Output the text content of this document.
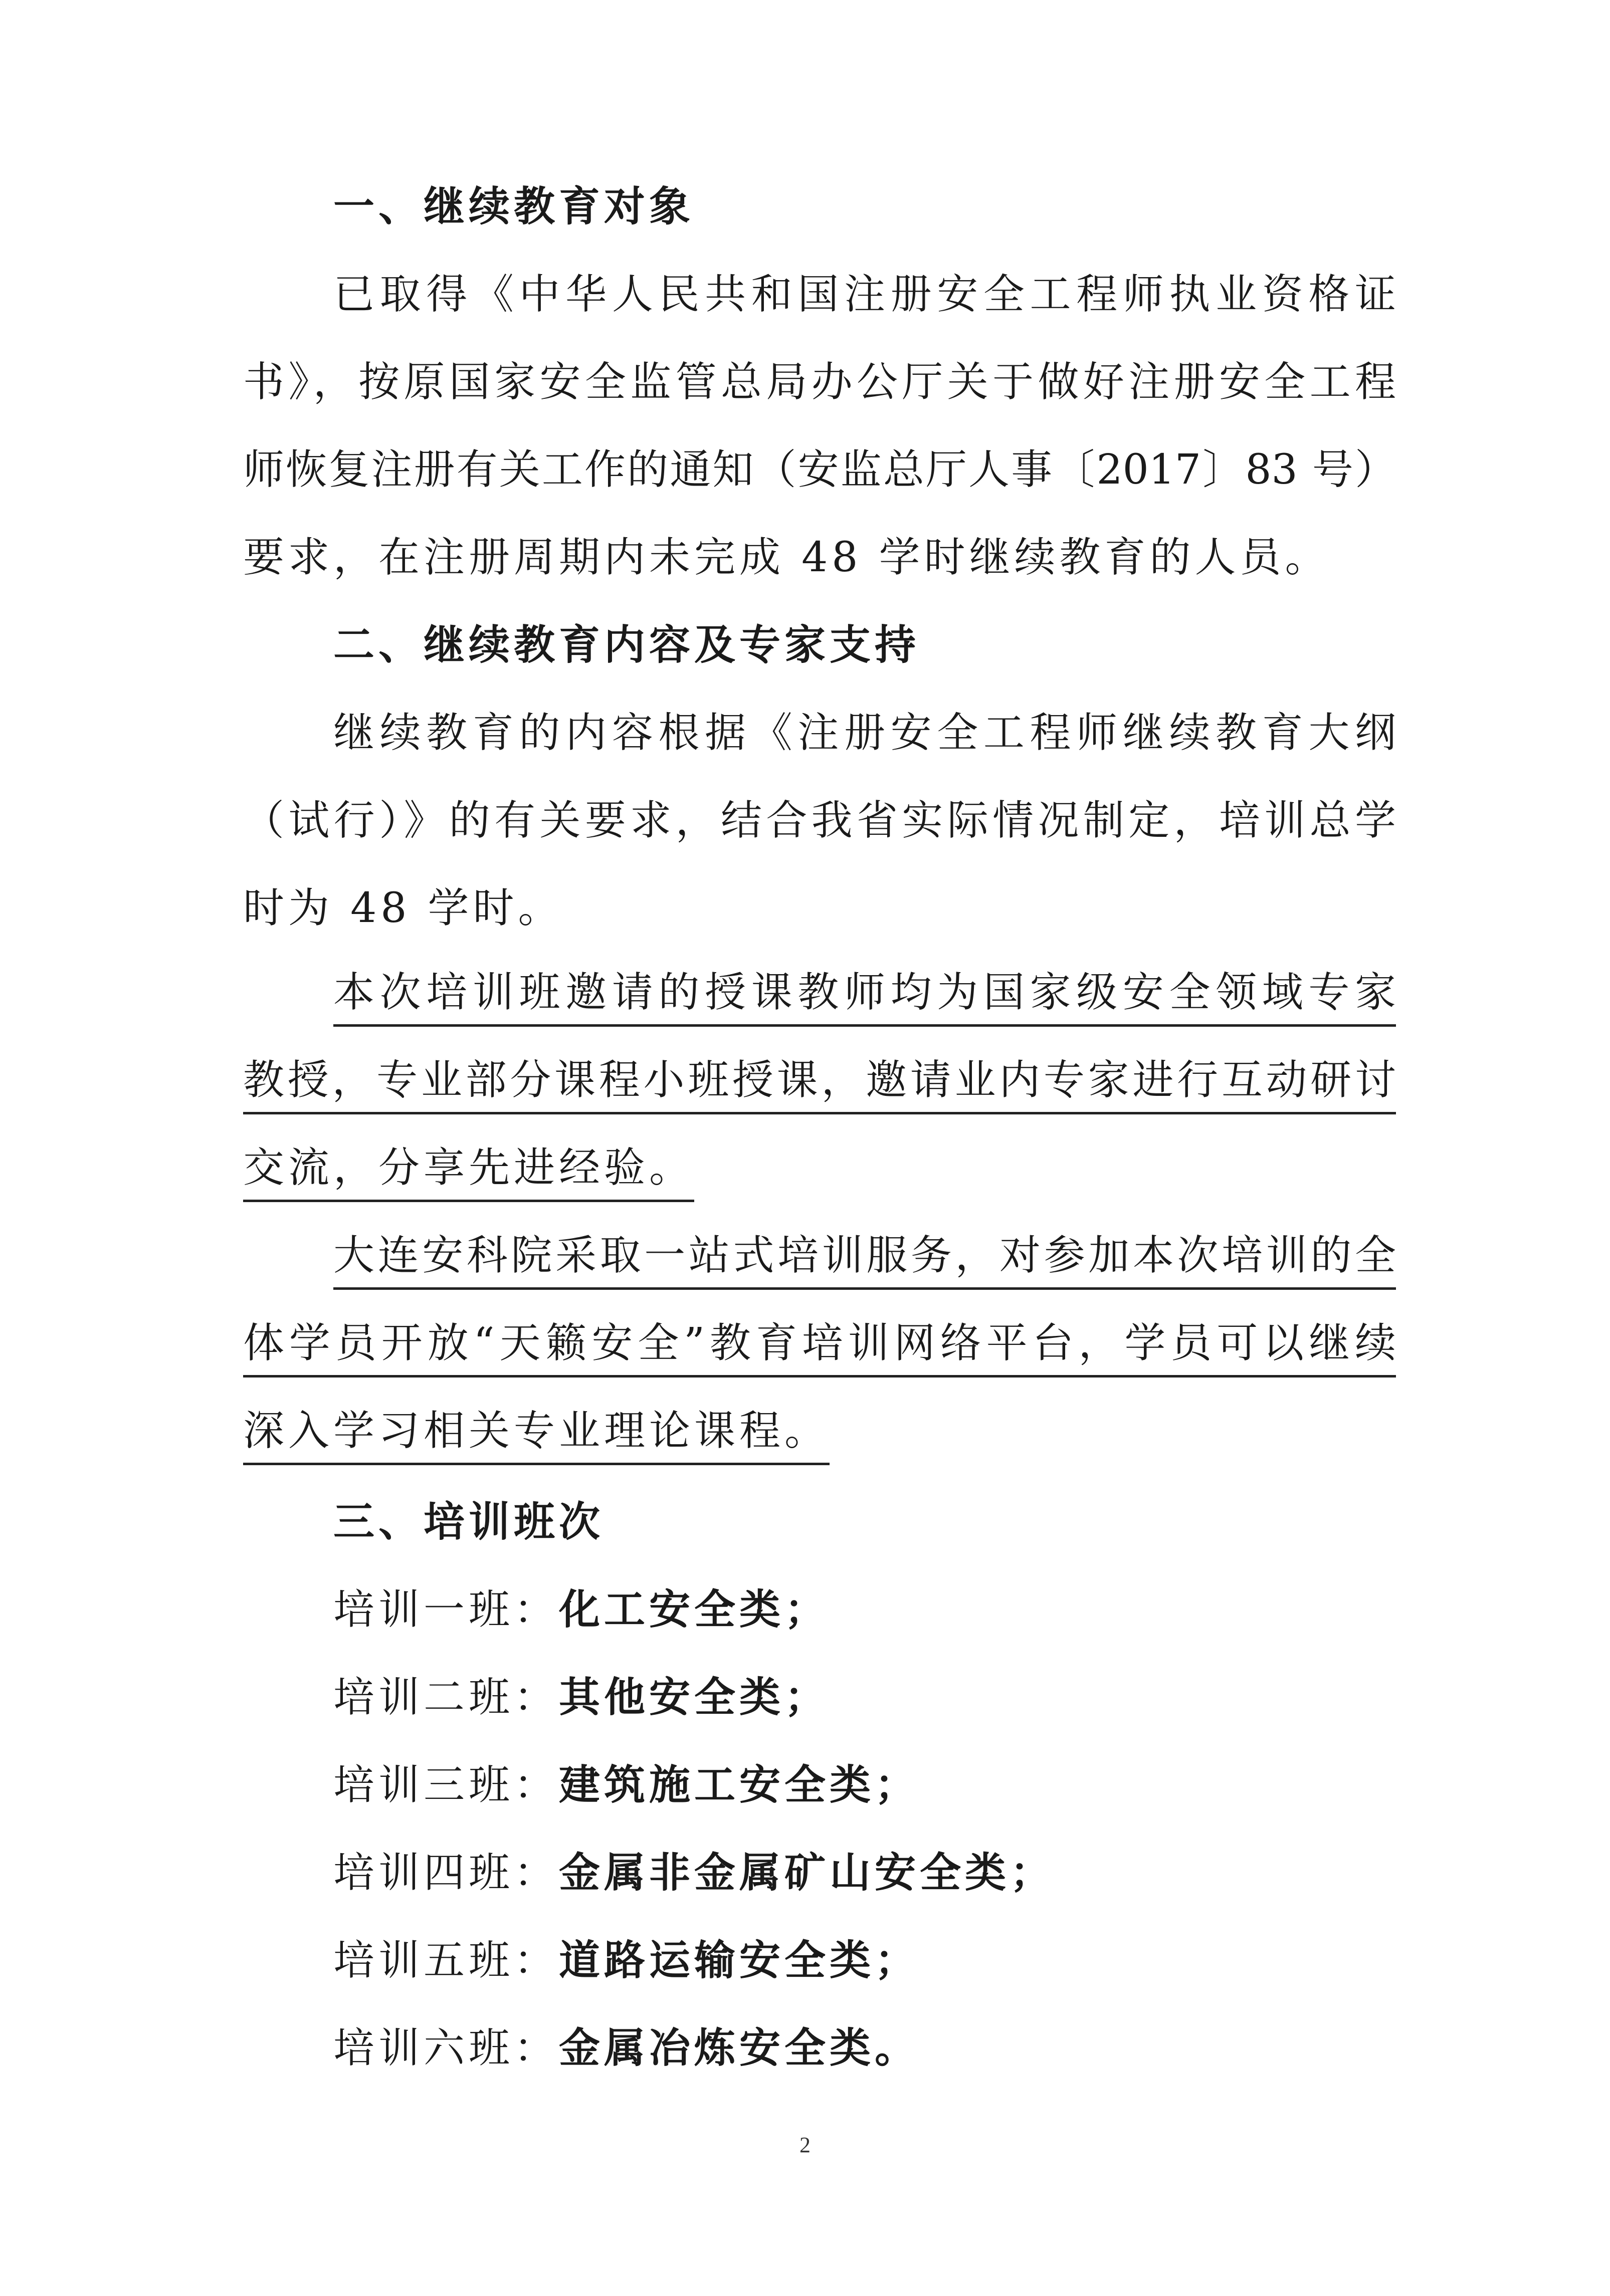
一、继续教育对象
已取得《中华人民共和国注册安全工程师执业资格证
书》，按原国家安全监管总局办公厅关于做好注册安全工程
师恢复注册有关工作的通知（安监总厅人事〔2017〕83 号）
要求，在注册周期内未完成 48 学时继续教育的人员。
二、继续教育内容及专家支持
继续教育的内容根据《注册安全工程师继续教育大纲
（试行）》的有关要求，结合我省实际情况制定，培训总学
时为 48 学时。
本次培训班邀请的授课教师均为国家级安全领域专家
教授，专业部分课程小班授课，邀请业内专家进行互动研讨
交流，分享先进经验。
大连安科院采取一站式培训服务，对参加本次培训的全
体学员开放“天籁安全”教育培训网络平台，学员可以继续
深入学习相关专业理论课程。
三、培训班次
培训一班：化工安全类；
培训二班：其他安全类；
培训三班：建筑施工安全类；
培训四班：金属非金属矿山安全类；
培训五班：道路运输安全类；
培训六班：金属冶炼安全类。
2
